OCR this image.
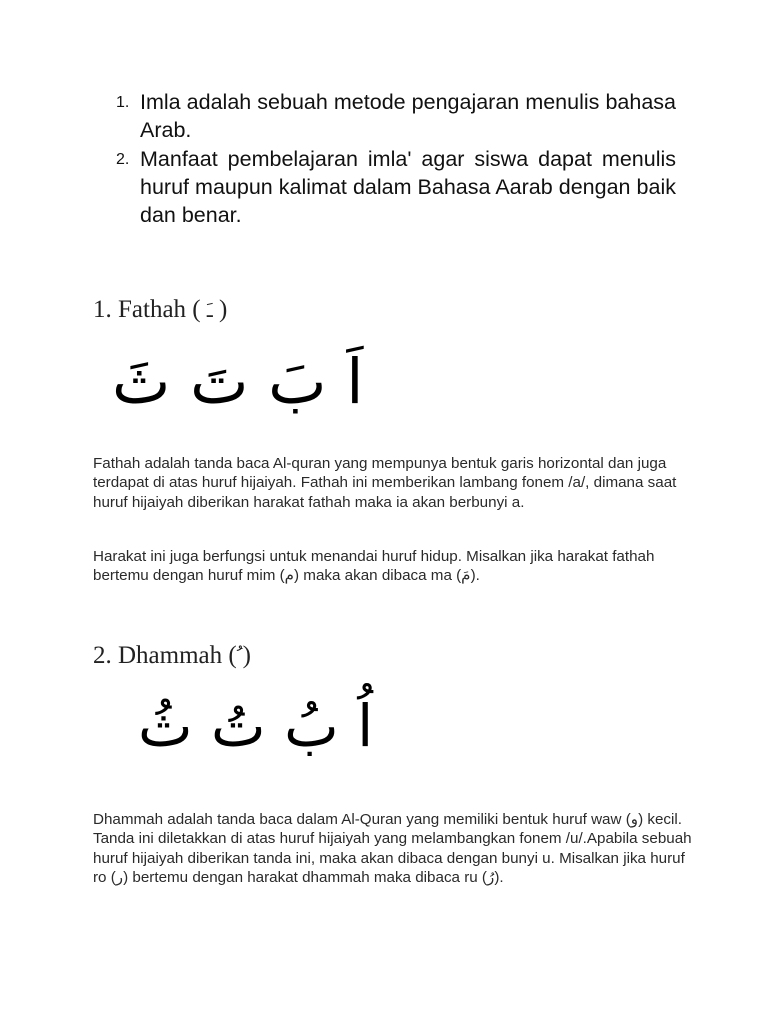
1. Imla adalah sebuah metode pengajaran menulis bahasa Arab.
2. Manfaat pembelajaran imla' agar siswa dapat menulis huruf maupun kalimat dalam Bahasa Aarab dengan baik dan benar.
1. Fathah ( ـَ )
اَ بَ تَ ثَ

Fathah adalah tanda baca Al-quran yang mempunya bentuk garis horizontal dan juga terdapat di atas huruf hijaiyah. Fathah ini memberikan lambang fonem /a/, dimana saat huruf hijaiyah diberikan harakat fathah maka ia akan berbunyi a.

Harakat ini juga berfungsi untuk menandai huruf hidup. Misalkan jika harakat fathah bertemu dengan huruf mim (م) maka akan dibaca ma (مَ).

2. Dhammah ( ُ)
اُ بُ تُ ثُ

Dhammah adalah tanda baca dalam Al-Quran yang memiliki bentuk huruf waw (و) kecil. Tanda ini diletakkan di atas huruf hijaiyah yang melambangkan fonem /u/.Apabila sebuah huruf hijaiyah diberikan tanda ini, maka akan dibaca dengan bunyi u. Misalkan jika huruf ro (ر) bertemu dengan harakat dhammah maka dibaca ru (رُ).
